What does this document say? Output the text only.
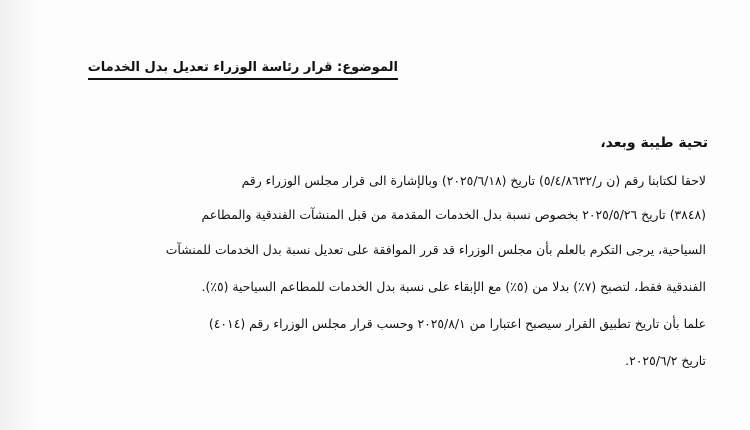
الموضوع: قرار رئاسة الوزراء تعديل بدل الخدمات
تحية طيبة وبعد،
لاحقا لكتابنا رقم (ن ر/٥/٤/٨٦٣٢) تاريخ (٢٠٢٥/٦/١٨) وبالإشارة الى قرار مجلس الوزراء رقم
(٣٨٤٨) تاريخ ٢٠٢٥/٥/٢٦ بخصوص نسبة بدل الخدمات المقدمة من قبل المنشآت الفندقية والمطاعم
السياحية، يرجى التكرم بالعلم بأن مجلس الوزراء قد قرر الموافقة على تعديل نسبة بدل الخدمات للمنشآت
الفندقية فقط، لتصبح (٧٪) بدلا من (٥٪) مع الإبقاء على نسبة بدل الخدمات للمطاعم السياحية (٥٪).
علما بأن تاريخ تطبيق القرار سيصبح اعتبارا من ٢٠٢٥/٨/١ وحسب قرار مجلس الوزراء رقم (٤٠١٤)
تاريخ ٢٠٢٥/٦/٢.
